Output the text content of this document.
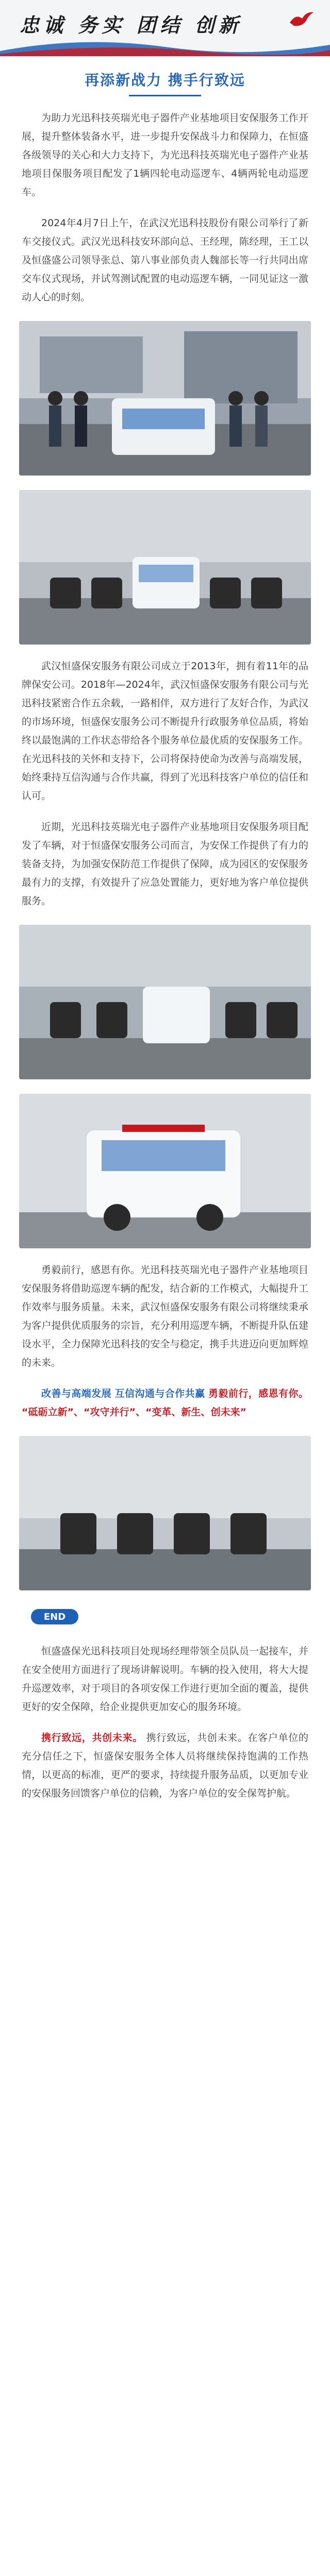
忠诚 务实 团结 创新
再添新战力 携手行致远

为助力光迅科技英瑞光电子器件产业基地项目安保服务工作开展，提升整体装备水平，进一步提升安保战斗力和保障力，在恒盛各级领导的关心和大力支持下，为光迅科技英瑞光电子器件产业基地项目保服务项目配发了1辆四轮电动巡逻车、4辆两轮电动巡逻车。

2024年4月7日上午，在武汉光迅科技股份有限公司举行了新车交接仪式。武汉光迅科技安环部向总、王经理，陈经理，王工以及恒盛盛公司领导张总、第八事业部负责人魏部长等一行共同出席交车仪式现场，并试驾测试配置的电动巡逻车辆，一同见证这一激动人心的时刻。

武汉恒盛保安服务有限公司成立于2013年，拥有着11年的品牌保安公司。2018年—2024年，武汉恒盛保安服务有限公司与光迅科技紧密合作五余载，一路相伴，双方进行了友好合作，为武汉的市场环境，恒盛保安服务公司不断提升行政服务单位品质，将始终以最饱满的工作状态带给各个服务单位最优质的安保服务工作。在光迅科技的关怀和支持下，公司将保持使命为改善与高端发展，始终秉持互信沟通与合作共赢，得到了光迅科技客户单位的信任和认可。

近期，光迅科技英瑞光电子器件产业基地项目安保服务项目配发了车辆，对于恒盛保安服务公司而言，为安保工作提供了有力的装备支持，为加强安保防范工作提供了保障，成为园区的安保服务最有力的支撑，有效提升了应急处置能力，更好地为客户单位提供服务。

勇毅前行，感恩有你。光迅科技英瑞光电子器件产业基地项目安保服务将借助巡逻车辆的配发，结合新的工作模式，大幅提升工作效率与服务质量。未来，武汉恒盛保安服务有限公司将继续秉承为客户提供优质服务的宗旨，充分利用巡逻车辆，不断提升队伍建设水平，全力保障光迅科技的安全与稳定，携手共进迈向更加辉煌的未来。

改善与高端发展 互信沟通与合作共赢 勇毅前行，感恩有你。 “砥砺立新”、“攻守并行”、“变革、新生、创未来”

END

恒盛盛保光迅科技项目处现场经理带领全员队员一起接车，并在安全使用方面进行了现场讲解说明。车辆的投入使用，将大大提升巡逻效率，对于项目的各项安保工作进行更加全面的覆盖，提供更好的安全保障，给企业提供更加安心的服务环境。

携行致远，共创未来。 携行致远，共创未来。在客户单位的充分信任之下，恒盛保安服务全体人员将继续保持饱满的工作热情，以更高的标准，更严的要求，持续提升服务品质，以更加专业的安保服务回馈客户单位的信赖，为客户单位的安全保驾护航。
